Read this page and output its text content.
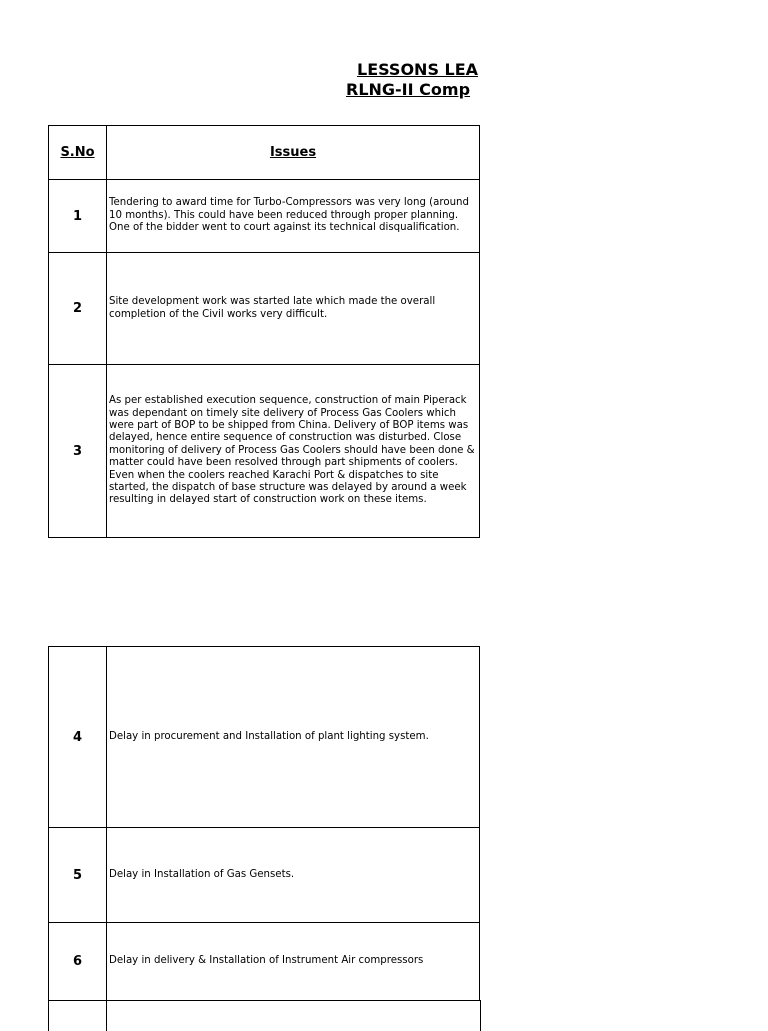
LESSONS LEA
RLNG-II Comp
S.No	Issues
1	Tendering to award time for Turbo-Compressors was very long (around 10 months). This could have been reduced through proper planning. One of the bidder went to court against its technical disqualification.
2	Site development work was started late which made the overall completion of the Civil works very difficult.
3	As per established execution sequence, construction of main Piperack was dependant on timely site delivery of Process Gas Coolers which were part of BOP to be shipped from China. Delivery of BOP items was delayed, hence entire sequence of construction was disturbed. Close monitoring of delivery of Process Gas Coolers should have been done & matter could have been resolved through part shipments of coolers. Even when the coolers reached Karachi Port & dispatches to site started, the dispatch of base structure was delayed by around a week resulting in delayed start of construction work on these items.
4	Delay in procurement and Installation of plant lighting system.
5	Delay in Installation of Gas Gensets.
6	Delay in delivery & Installation of Instrument Air compressors
